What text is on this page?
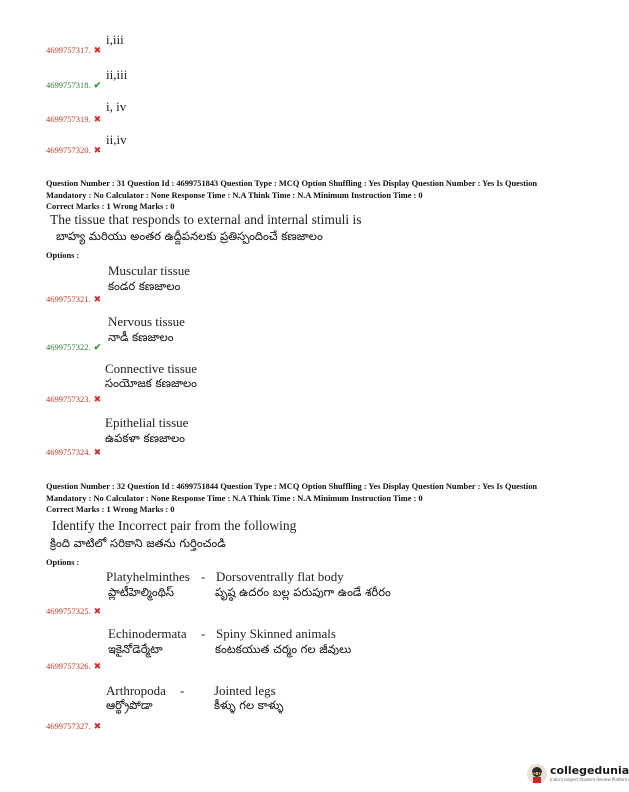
4699757317. ✖
i,iii
4699757318. ✔
ii,iii
4699757319. ✖
i, iv
4699757320. ✖
ii,iv
Question Number : 31 Question Id : 4699751843 Question Type : MCQ Option Shuffling : Yes Display Question Number : Yes Is Question
Mandatory : No Calculator : None Response Time : N.A Think Time : N.A Minimum Instruction Time : 0
Correct Marks : 1 Wrong Marks : 0
The tissue that responds to external and internal stimuli is
బాహ్య మరియు అంతర ఉద్దీపనలకు ప్రతిస్పందించే కణజాలం
Options :
Muscular tissue
కండర కణజాలం
4699757321. ✖
Nervous tissue
నాడీ కణజాలం
4699757322. ✔
Connective tissue
సంయోజక కణజాలం
4699757323. ✖
Epithelial tissue
ఉపకళా కణజాలం
4699757324. ✖
Question Number : 32 Question Id : 4699751844 Question Type : MCQ Option Shuffling : Yes Display Question Number : Yes Is Question
Mandatory : No Calculator : None Response Time : N.A Think Time : N.A Minimum Instruction Time : 0
Correct Marks : 1 Wrong Marks : 0
Identify the Incorrect pair from the following
క్రింది వాటిలో సరికాని జతను గుర్తించండి
Options :
Platyhelminthes - Dorsoventrally flat body
ప్లాటీహెల్మింథిస్	పృష్ఠ ఉదరం బల్ల పరుపుగా ఉండే శరీరం
4699757325. ✖
Echinodermata - Spiny Skinned animals
ఇకైనోడెర్మేటా	కంటకయుత చర్మం గల జీవులు
4699757326. ✖
Arthropoda - Jointed legs
ఆర్థ్రోపోడా	కీళ్ళు గల కాళ్ళు
4699757327. ✖
collegedunia
India's largest Student Review Platform
